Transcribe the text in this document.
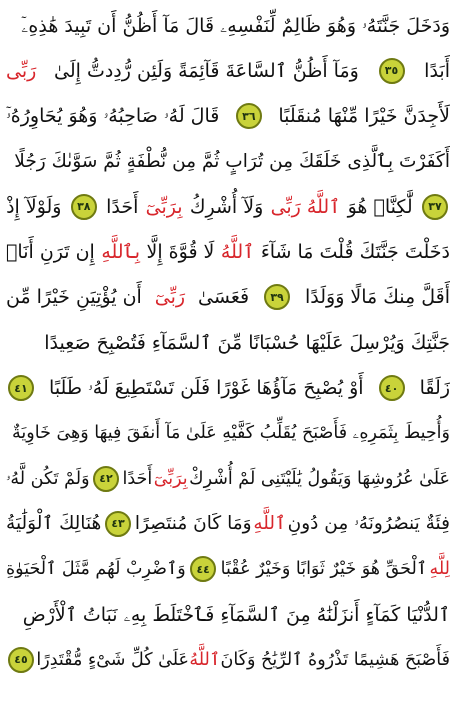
وَدَخَلَ جَنَّتَهُۥ وَهُوَ ظَالِمٌ لِّنَفْسِهِۦ قَالَ مَآ أَظُنُّ أَن تَبِيدَ هَٰذِهِۦٓ
أَبَدًا
٣٥
وَمَآ أَظُنُّ ٱلسَّاعَةَ قَآئِمَةً وَلَئِن رُّدِدتُّ إِلَىٰ
رَبِّى
لَأَجِدَنَّ خَيْرًا مِّنْهَا مُنقَلَبًا
٣٦
قَالَ لَهُۥ صَاحِبُهُۥ وَهُوَ يُحَاوِرُهُۥٓ
أَكَفَرْتَ بِٱلَّذِى خَلَقَكَ مِن تُرَابٍ ثُمَّ مِن نُّطْفَةٍ ثُمَّ سَوَّىٰكَ رَجُلًا
٣٧
لَّٰكِنَّا۠ هُوَ
ٱللَّهُ رَبِّى
وَلَآ أُشْرِكُ
بِرَبِّىٓ
أَحَدًا
٣٨
وَلَوْلَآ إِذْ
دَخَلْتَ جَنَّتَكَ قُلْتَ مَا شَآءَ
ٱللَّهُ
لَا قُوَّةَ إِلَّا
بِٱللَّهِ
إِن تَرَنِ أَنَا۠
أَقَلَّ مِنكَ مَالًا وَوَلَدًا
٣٩
فَعَسَىٰ
رَبِّىٓ
أَن يُؤْتِيَنِ خَيْرًا مِّن
جَنَّتِكَ وَيُرْسِلَ عَلَيْهَا حُسْبَانًا مِّنَ ٱلسَّمَآءِ فَتُصْبِحَ صَعِيدًا
زَلَقًا
٤٠
أَوْ يُصْبِحَ مَآؤُهَا غَوْرًا فَلَن تَسْتَطِيعَ لَهُۥ طَلَبًا
٤١
وَأُحِيطَ بِثَمَرِهِۦ فَأَصْبَحَ يُقَلِّبُ كَفَّيْهِ عَلَىٰ مَآ أَنفَقَ فِيهَا وَهِىَ خَاوِيَةٌ
عَلَىٰ عُرُوشِهَا وَيَقُولُ يَٰلَيْتَنِى لَمْ أُشْرِكْ
بِرَبِّىٓ
أَحَدًا
٤٢
وَلَمْ تَكُن لَّهُۥ
فِئَةٌ يَنصُرُونَهُۥ مِن دُونِ
ٱللَّهِ
وَمَا كَانَ مُنتَصِرًا
٤٣
هُنَالِكَ ٱلْوَلَٰيَةُ
لِلَّهِ
ٱلْحَقِّ هُوَ خَيْرٌ ثَوَابًا وَخَيْرٌ عُقْبًا
٤٤
وَٱضْرِبْ لَهُم مَّثَلَ ٱلْحَيَوٰةِ
ٱلدُّنْيَا كَمَآءٍ أَنزَلْنَٰهُ مِنَ ٱلسَّمَآءِ فَٱخْتَلَطَ بِهِۦ نَبَاتُ ٱلْأَرْضِ
فَأَصْبَحَ هَشِيمًا تَذْرُوهُ ٱلرِّيَٰحُ وَكَانَ
ٱللَّهُ
عَلَىٰ كُلِّ شَىْءٍ مُّقْتَدِرًا
٤٥
